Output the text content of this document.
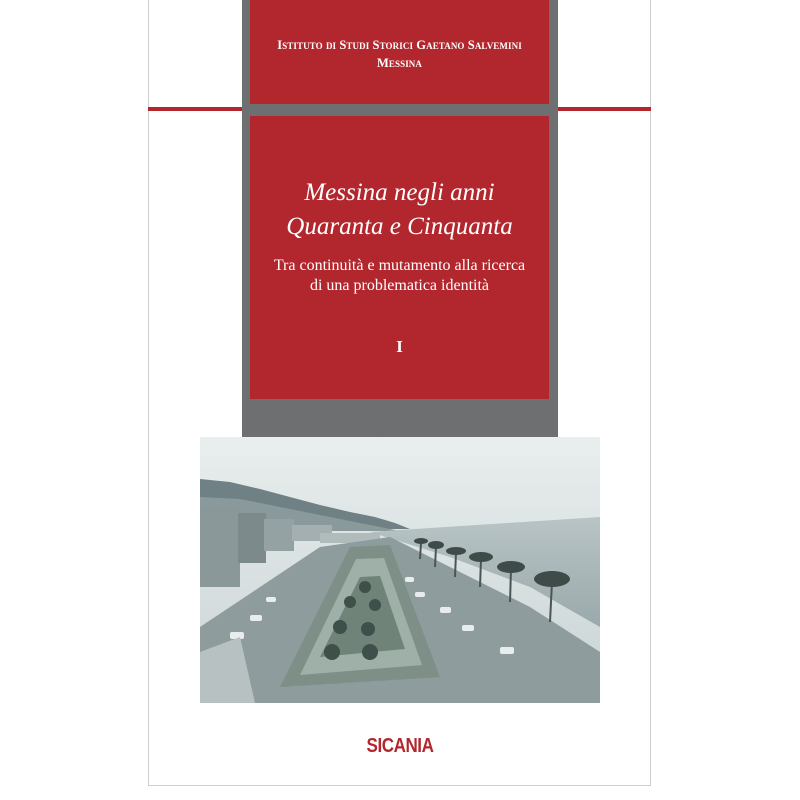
Istituto di Studi Storici Gaetano Salvemini
Messina
Messina negli anni
Quaranta e Cinquanta
Tra continuità e mutamento alla ricerca
di una problematica identità
I
SICANIA
